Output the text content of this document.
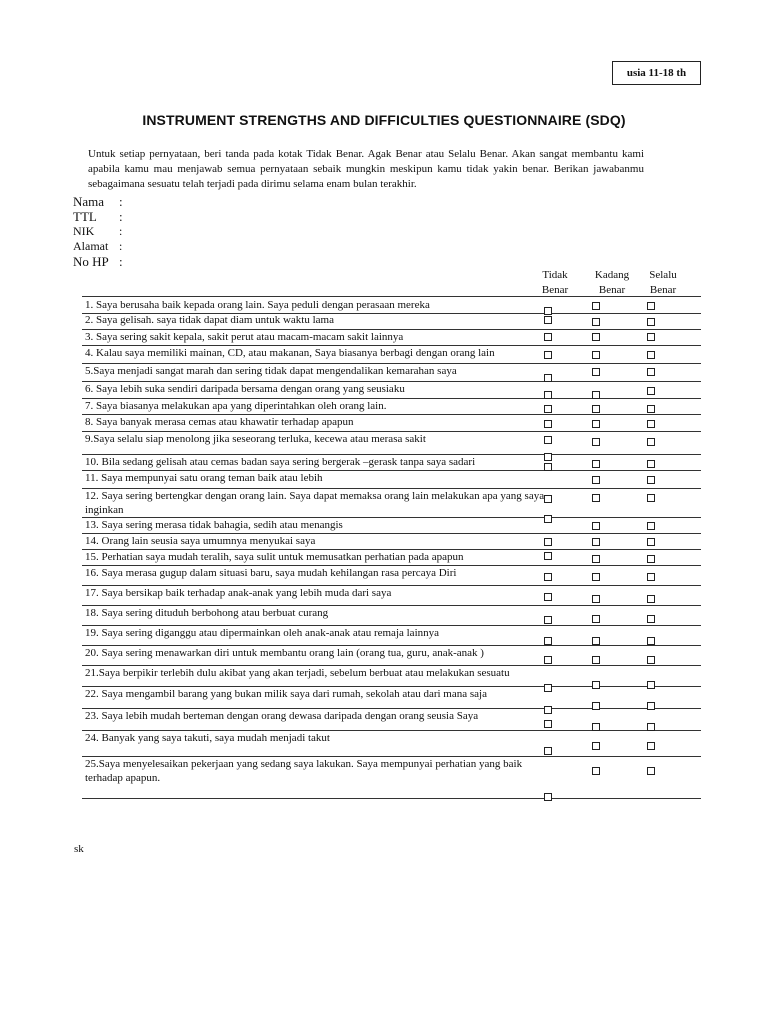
usia 11-18 th
INSTRUMENT STRENGTHS AND DIFFICULTIES QUESTIONNAIRE (SDQ)
Untuk setiap pernyataan, beri tanda pada kotak Tidak Benar. Agak Benar atau Selalu Benar. Akan sangat membantu kami apabila kamu mau menjawab semua pernyataan sebaik mungkin meskipun kamu tidak yakin benar. Berikan jawabanmu sebagaimana sesuatu telah terjadi pada dirimu selama enam bulan terakhir.
Nama :
TTL :
NIK :
Alamat :
No HP :
Tidak
Benar
Kadang
Benar
Selalu
Benar
1. Saya berusaha baik kepada orang lain. Saya peduli dengan perasaan mereka
2. Saya gelisah. saya tidak dapat diam untuk waktu lama
3. Saya sering sakit kepala, sakit perut atau macam-macam sakit lainnya
4. Kalau saya memiliki mainan, CD, atau makanan, Saya biasanya berbagi dengan orang lain
5.Saya menjadi sangat marah dan sering tidak dapat mengendalikan kemarahan saya
6. Saya lebih suka sendiri daripada bersama dengan orang yang seusiaku
7. Saya biasanya melakukan apa yang diperintahkan oleh orang lain.
8. Saya banyak merasa cemas atau khawatir terhadap apapun
9.Saya selalu siap menolong jika seseorang terluka, kecewa atau merasa sakit
10. Bila sedang gelisah atau cemas badan saya sering bergerak –gerask tanpa saya sadari
11. Saya mempunyai satu orang teman baik atau lebih
12. Saya sering bertengkar dengan orang lain. Saya dapat memaksa orang lain melakukan apa yang saya inginkan
13. Saya sering merasa tidak bahagia, sedih atau menangis
14. Orang lain seusia saya umumnya menyukai saya
15. Perhatian saya mudah teralih, saya sulit untuk memusatkan perhatian pada apapun
16. Saya merasa gugup dalam situasi baru, saya mudah kehilangan rasa percaya Diri
17. Saya bersikap baik terhadap anak-anak yang lebih muda dari saya
18. Saya sering dituduh berbohong atau berbuat curang
19. Saya sering diganggu atau dipermainkan oleh anak-anak atau remaja lainnya
20. Saya sering menawarkan diri untuk membantu orang lain (orang tua, guru, anak-anak )
21.Saya berpikir terlebih dulu akibat yang akan terjadi, sebelum berbuat atau melakukan sesuatu
22. Saya mengambil barang yang bukan milik saya dari rumah, sekolah atau dari mana saja
23. Saya lebih mudah berteman dengan orang dewasa daripada dengan orang seusia Saya
24. Banyak yang saya takuti, saya mudah menjadi takut
25.Saya menyelesaikan pekerjaan yang sedang saya lakukan. Saya mempunyai perhatian yang baik terhadap apapun.
sk
